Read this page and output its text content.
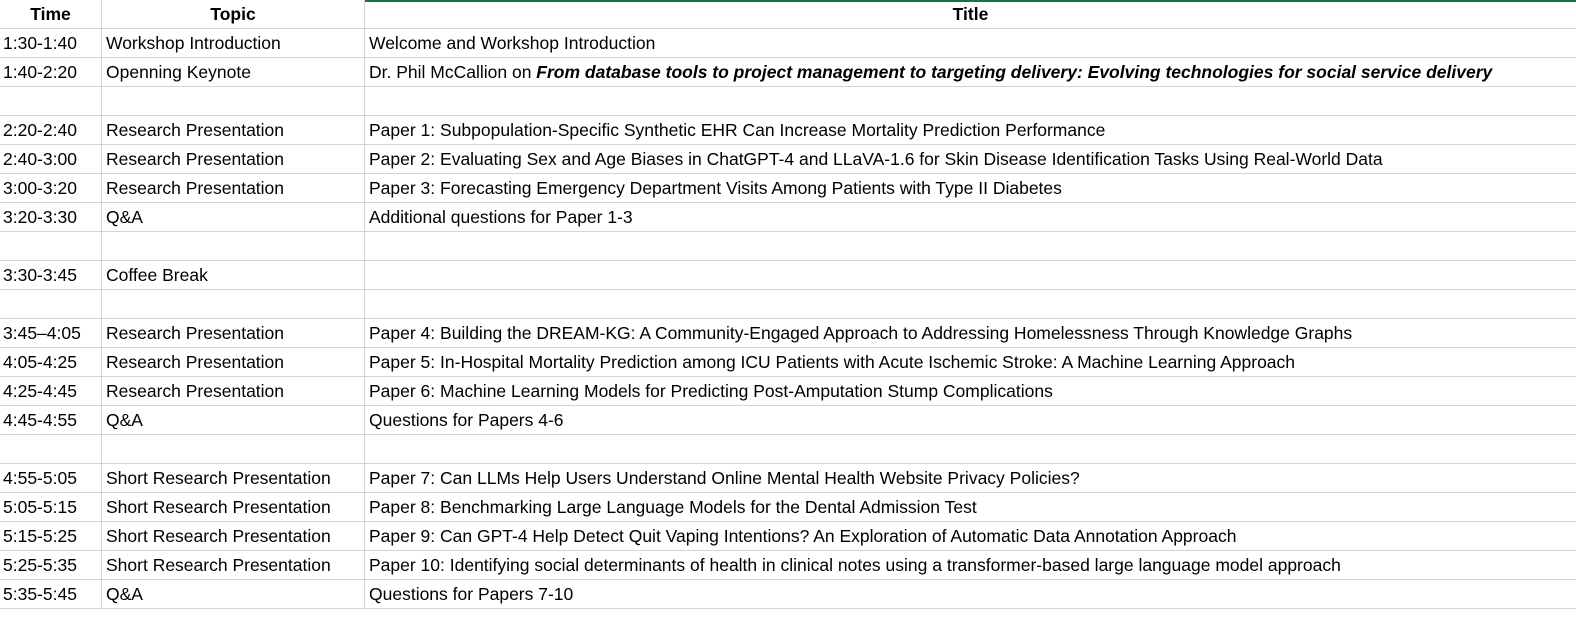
Time	Topic	Title
1:30-1:40	Workshop Introduction	Welcome and Workshop Introduction
1:40-2:20	Openning Keynote	Dr. Phil McCallion on From database tools to project management to targeting delivery: Evolving technologies for social service delivery
2:20-2:40	Research Presentation	Paper 1: Subpopulation-Specific Synthetic EHR Can Increase Mortality Prediction Performance
2:40-3:00	Research Presentation	Paper 2: Evaluating Sex and Age Biases in ChatGPT-4 and LLaVA-1.6 for Skin Disease Identification Tasks Using Real-World Data
3:00-3:20	Research Presentation	Paper 3: Forecasting Emergency Department Visits Among Patients with Type II Diabetes
3:20-3:30	Q&A	Additional questions for Paper 1-3
3:30-3:45	Coffee Break
3:45–4:05	Research Presentation	Paper 4: Building the DREAM-KG: A Community-Engaged Approach to Addressing Homelessness Through Knowledge Graphs
4:05-4:25	Research Presentation	Paper 5: In-Hospital Mortality Prediction among ICU Patients with Acute Ischemic Stroke: A Machine Learning Approach
4:25-4:45	Research Presentation	Paper 6: Machine Learning Models for Predicting Post-Amputation Stump Complications
4:45-4:55	Q&A	Questions for Papers 4-6
4:55-5:05	Short Research Presentation	Paper 7: Can LLMs Help Users Understand Online Mental Health Website Privacy Policies?
5:05-5:15	Short Research Presentation	Paper 8: Benchmarking Large Language Models for the Dental Admission Test
5:15-5:25	Short Research Presentation	Paper 9: Can GPT-4 Help Detect Quit Vaping Intentions? An Exploration of Automatic Data Annotation Approach
5:25-5:35	Short Research Presentation	Paper 10: Identifying social determinants of health in clinical notes using a transformer-based large language model approach
5:35-5:45	Q&A	Questions for Papers 7-10
